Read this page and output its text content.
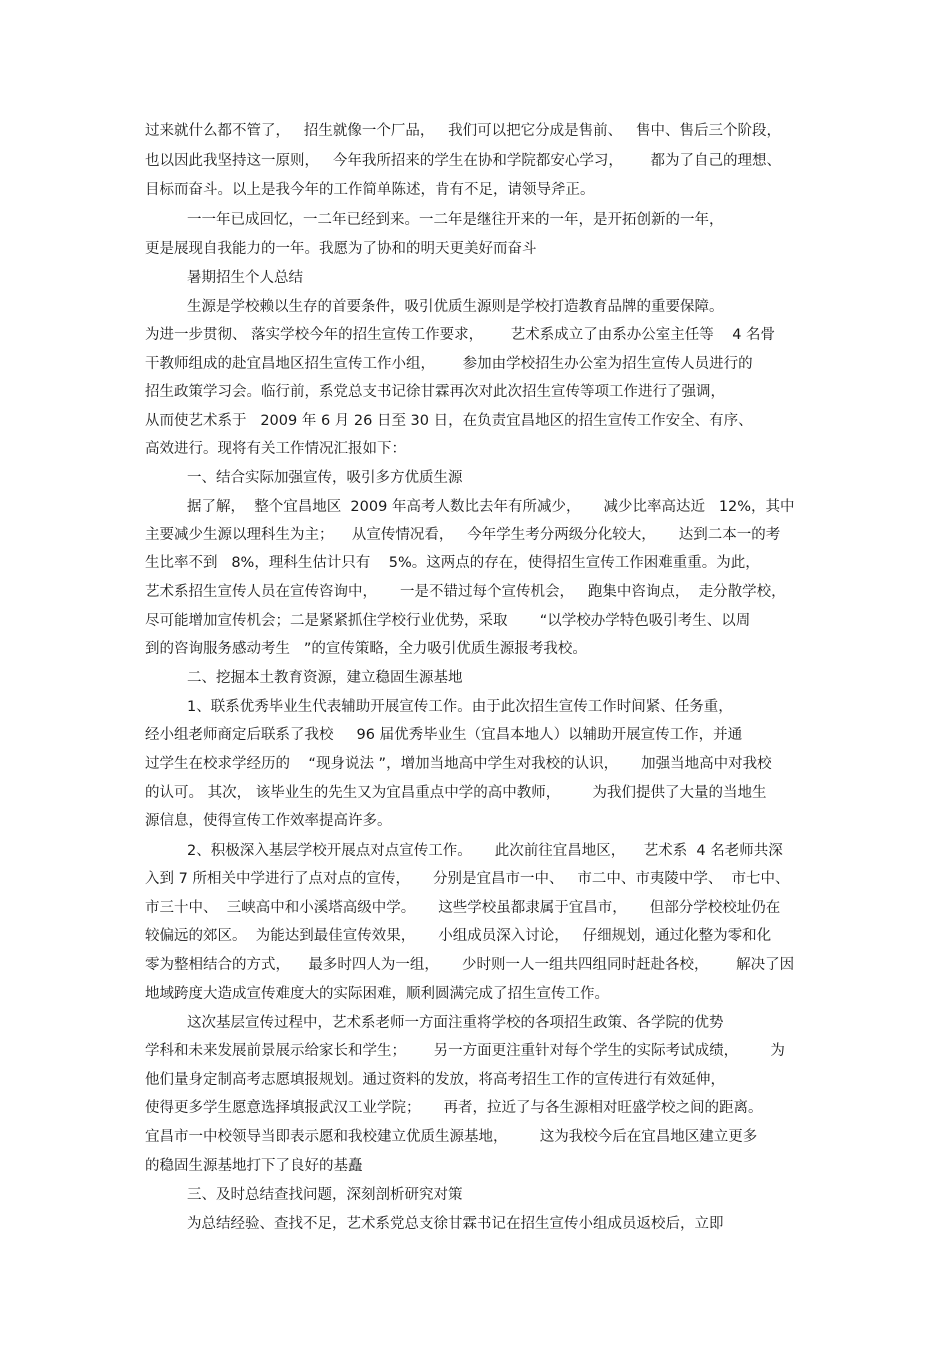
过来就什么都不管了，   招生就像一个厂品，   我们可以把它分成是售前、   售中、售后三个阶段，
也以因此我坚持这一原则，   今年我所招来的学生在协和学院都安心学习，      都为了自己的理想、
目标而奋斗。以上是我今年的工作简单陈述，肯有不足，请领导斧正。
一一年已成回忆，一二年已经到来。一二年是继往开来的一年，是开拓创新的一年，
更是展现自我能力的一年。我愿为了协和的明天更美好而奋斗
暑期招生个人总结
生源是学校赖以生存的首要条件，吸引优质生源则是学校打造教育品牌的重要保障。
为进一步贯彻、 落实学校今年的招生宣传工作要求，      艺术系成立了由系办公室主任等    4 名骨
干教师组成的赴宜昌地区招生宣传工作小组，      参加由学校招生办公室为招生宣传人员进行的
招生政策学习会。临行前，系党总支书记徐甘霖再次对此次招生宣传等项工作进行了强调，
从而使艺术系于   2009 年 6 月 26 日至 30 日，在负责宜昌地区的招生宣传工作安全、有序、
高效进行。现将有关工作情况汇报如下：
一、结合实际加强宣传，吸引多方优质生源
据了解，  整个宜昌地区  2009 年高考人数比去年有所减少，     减少比率高达近   12%，其中
主要减少生源以理科生为主；    从宣传情况看，   今年学生考分两级分化较大，     达到二本一的考
生比率不到   8%，理科生估计只有    5%。这两点的存在，使得招生宣传工作困难重重。为此，
艺术系招生宣传人员在宣传咨询中，     一是不错过每个宣传机会，   跑集中咨询点，  走分散学校，
尽可能增加宣传机会；二是紧紧抓住学校行业优势，采取       “以学校办学特色吸引考生、以周
到的咨询服务感动考生   ”的宣传策略，全力吸引优质生源报考我校。
二、挖掘本土教育资源，建立稳固生源基地
1、联系优秀毕业生代表辅助开展宣传工作。由于此次招生宣传工作时间紧、任务重，
经小组老师商定后联系了我校     96 届优秀毕业生（宜昌本地人）以辅助开展宣传工作，并通
过学生在校求学经历的    “现身说法 ”，增加当地高中学生对我校的认识，     加强当地高中对我校
的认可。 其次， 该毕业生的先生又为宜昌重点中学的高中教师，       为我们提供了大量的当地生
源信息，使得宣传工作效率提高许多。
2、积极深入基层学校开展点对点宣传工作。     此次前往宜昌地区，    艺术系  4 名老师共深
入到 7 所相关中学进行了点对点的宣传，     分别是宜昌市一中、   市二中、市夷陵中学、  市七中、
市三十中、  三峡高中和小溪塔高级中学。     这些学校虽都隶属于宜昌市，     但部分学校校址仍在
较偏远的郊区。  为能达到最佳宣传效果，     小组成员深入讨论，   仔细规划，通过化整为零和化
零为整相结合的方式，    最多时四人为一组，     少时则一人一组共四组同时赶赴各校，      解决了因
地域跨度大造成宣传难度大的实际困难，顺利圆满完成了招生宣传工作。
这次基层宣传过程中，艺术系老师一方面注重将学校的各项招生政策、各学院的优势
学科和未来发展前景展示给家长和学生；      另一方面更注重针对每个学生的实际考试成绩，       为
他们量身定制高考志愿填报规划。通过资料的发放，将高考招生工作的宣传进行有效延伸，
使得更多学生愿意选择填报武汉工业学院；     再者，拉近了与各生源相对旺盛学校之间的距离。
宜昌市一中校领导当即表示愿和我校建立优质生源基地，       这为我校今后在宜昌地区建立更多
的稳固生源基地打下了良好的基矗
三、及时总结查找问题，深刻剖析研究对策
为总结经验、查找不足，艺术系党总支徐甘霖书记在招生宣传小组成员返校后，立即
